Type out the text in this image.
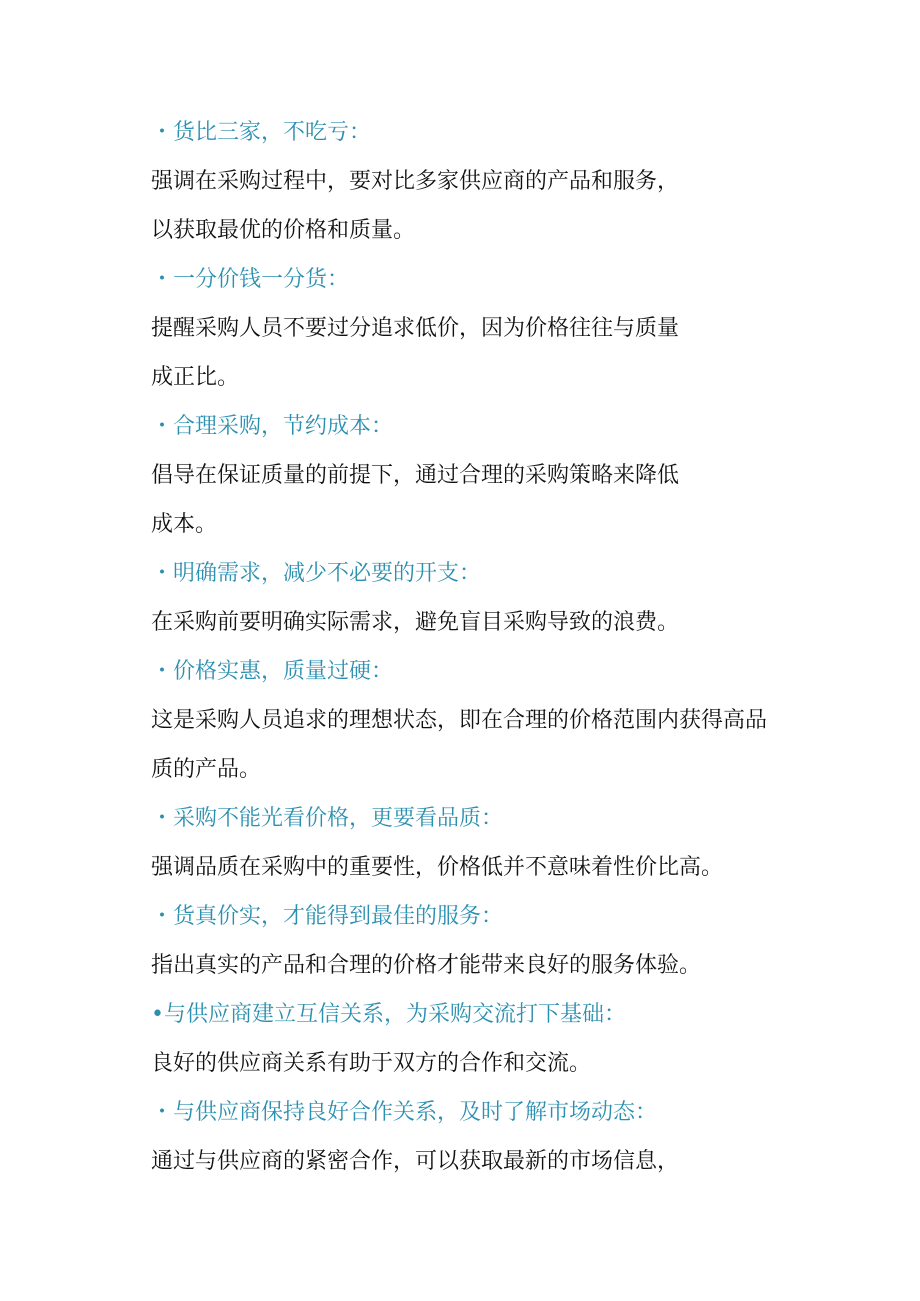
・货比三家，不吃亏：
强调在采购过程中，要对比多家供应商的产品和服务，
以获取最优的价格和质量。
・一分价钱一分货：
提醒采购人员不要过分追求低价，因为价格往往与质量
成正比。
・合理采购，节约成本：
倡导在保证质量的前提下，通过合理的采购策略来降低
成本。
・明确需求，减少不必要的开支：
在采购前要明确实际需求，避免盲目采购导致的浪费。
・价格实惠，质量过硬：
这是采购人员追求的理想状态，即在合理的价格范围内获得高品
质的产品。
・采购不能光看价格，更要看品质：
强调品质在采购中的重要性，价格低并不意味着性价比高。
・货真价实，才能得到最佳的服务：
指出真实的产品和合理的价格才能带来良好的服务体验。
•与供应商建立互信关系，为采购交流打下基础：
良好的供应商关系有助于双方的合作和交流。
・与供应商保持良好合作关系，及时了解市场动态：
通过与供应商的紧密合作，可以获取最新的市场信息，
